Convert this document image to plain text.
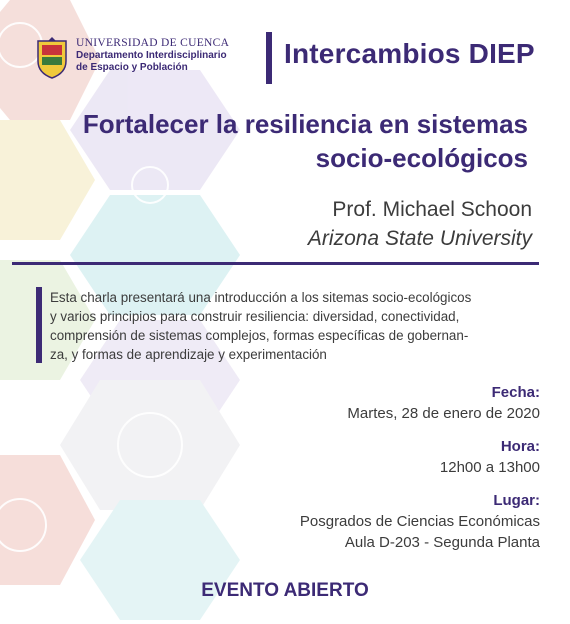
UNIVERSIDAD DE CUENCA
Departamento Interdisciplinario
de Espacio y Población	Intercambios DIEP
Fortalecer la resiliencia en sistemas
socio-ecológicos
Prof. Michael Schoon
Arizona State University
Esta charla presentará una introducción a los sitemas socio-ecológicos
y varios principios para construir resiliencia: diversidad, conectividad,
comprensión de sistemas complejos, formas específicas de gobernan-
za, y formas de aprendizaje y experimentación
Fecha:
Martes, 28 de enero de 2020
Hora:
12h00 a 13h00
Lugar:
Posgrados de Ciencias Económicas
Aula D-203 - Segunda Planta
EVENTO ABIERTO
